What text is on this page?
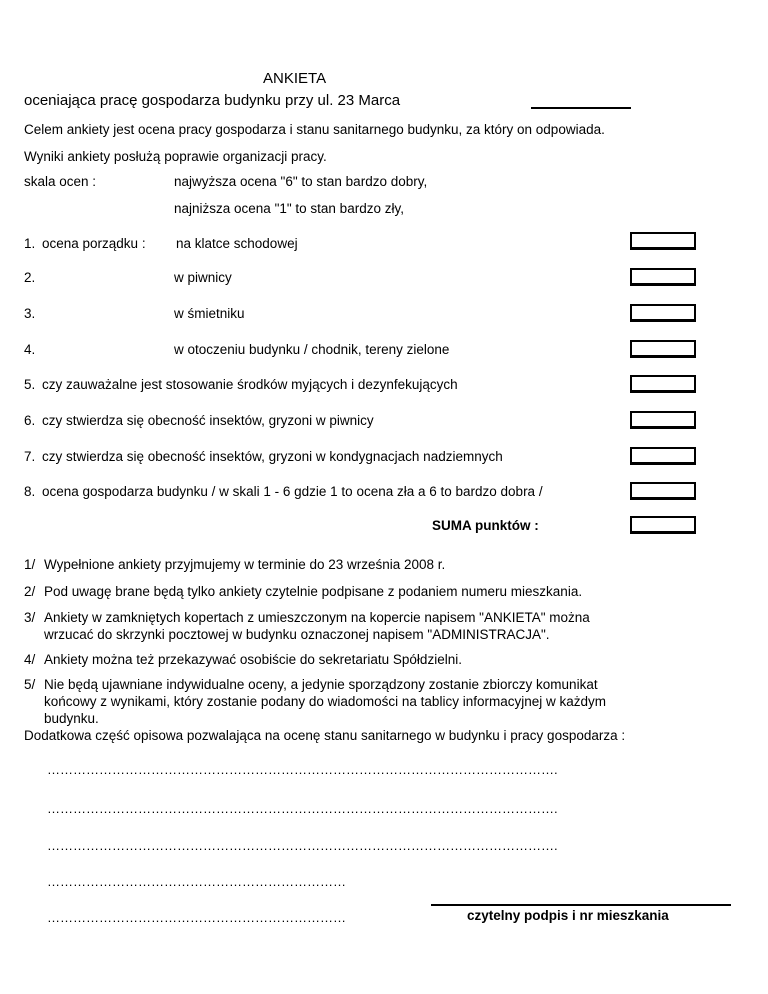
ANKIETA
oceniająca pracę gospodarza budynku przy ul. 23 Marca
Celem ankiety jest ocena pracy gospodarza i stanu sanitarnego budynku, za który on odpowiada.
Wyniki ankiety posłużą poprawie organizacji pracy.
skala ocen :	najwyższa ocena "6" to stan bardzo dobry,
najniższa ocena "1" to stan bardzo zły,
1. ocena porządku : na klatce schodowej
2.	w piwnicy
3.	w śmietniku
4.	w otoczeniu budynku / chodnik, tereny zielone
5. czy zauważalne jest stosowanie środków myjących i dezynfekujących
6. czy stwierdza się obecność insektów, gryzoni w piwnicy
7. czy stwierdza się obecność insektów, gryzoni w kondygnacjach nadziemnych
8. ocena gospodarza budynku / w skali 1 - 6 gdzie 1 to ocena zła a 6 to bardzo dobra /
SUMA punktów :
1/ Wypełnione ankiety przyjmujemy w terminie do 23 września 2008 r.
2/ Pod uwagę brane będą tylko ankiety czytelnie podpisane z podaniem numeru mieszkania.
3/ Ankiety w zamkniętych kopertach z umieszczonym na kopercie napisem "ANKIETA" można
wrzucać do skrzynki pocztowej w budynku oznaczonej napisem "ADMINISTRACJA".
4/ Ankiety można też przekazywać osobiście do sekretariatu Spółdzielni.
5/ Nie będą ujawniane indywidualne oceny, a jedynie sporządzony zostanie zbiorczy komunikat
końcowy z wynikami, który zostanie podany do wiadomości na tablicy informacyjnej w każdym
budynku.
Dodatkowa część opisowa pozwalająca na ocenę stanu sanitarnego w budynku i pracy gospodarza :
……………………………………………………………………………………………………….
……………………………………………………………………………………………………….
……………………………………………………………………………………………………….
……………………………………………………………
……………………………………………………………	czytelny podpis i nr mieszkania
